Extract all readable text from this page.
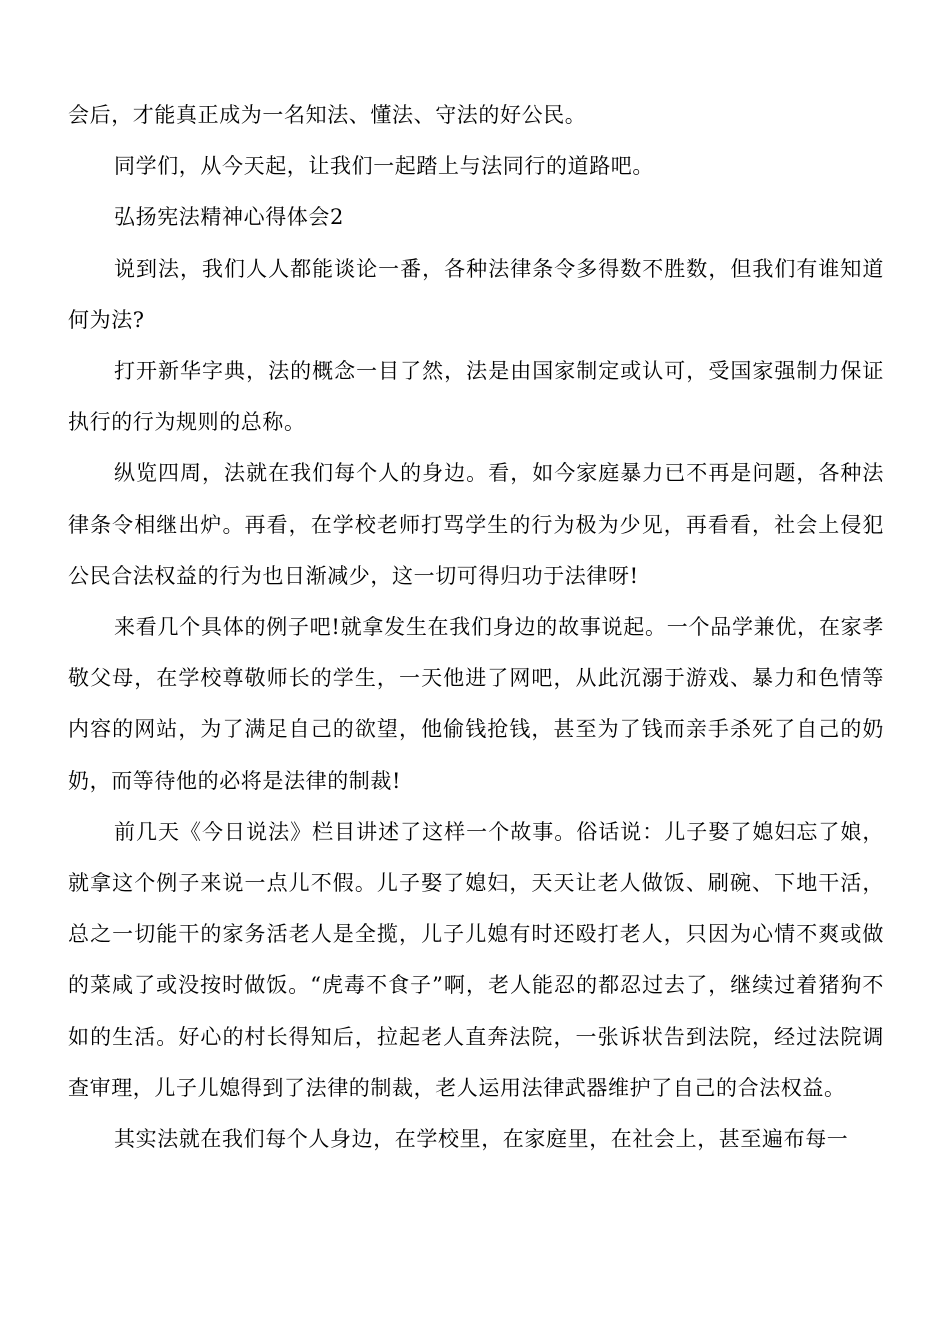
会后，才能真正成为一名知法、懂法、守法的好公民。

同学们，从今天起，让我们一起踏上与法同行的道路吧。

弘扬宪法精神心得体会2

说到法，我们人人都能谈论一番，各种法律条令多得数不胜数，但我们有谁知道何为法?

打开新华字典，法的概念一目了然，法是由国家制定或认可，受国家强制力保证执行的行为规则的总称。

纵览四周，法就在我们每个人的身边。看，如今家庭暴力已不再是问题，各种法律条令相继出炉。再看，在学校老师打骂学生的行为极为少见，再看看，社会上侵犯公民合法权益的行为也日渐减少，这一切可得归功于法律呀!

来看几个具体的例子吧!就拿发生在我们身边的故事说起。一个品学兼优，在家孝敬父母，在学校尊敬师长的学生，一天他进了网吧，从此沉溺于游戏、暴力和色情等内容的网站，为了满足自己的欲望，他偷钱抢钱，甚至为了钱而亲手杀死了自己的奶奶，而等待他的必将是法律的制裁!

前几天《今日说法》栏目讲述了这样一个故事。俗话说：儿子娶了媳妇忘了娘，就拿这个例子来说一点儿不假。儿子娶了媳妇，天天让老人做饭、刷碗、下地干活，总之一切能干的家务活老人是全揽，儿子儿媳有时还殴打老人，只因为心情不爽或做的菜咸了或没按时做饭。“虎毒不食子”啊，老人能忍的都忍过去了，继续过着猪狗不如的生活。好心的村长得知后，拉起老人直奔法院，一张诉状告到法院，经过法院调查审理，儿子儿媳得到了法律的制裁，老人运用法律武器维护了自己的合法权益。

其实法就在我们每个人身边，在学校里，在家庭里，在社会上，甚至遍布每一
